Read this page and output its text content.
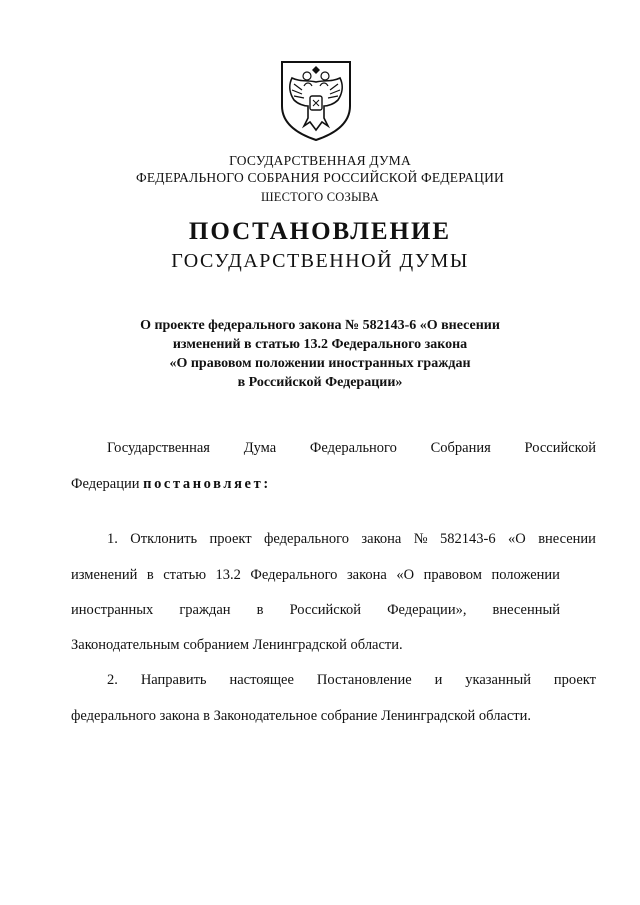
ГОСУДАРСТВЕННАЯ ДУМА
ФЕДЕРАЛЬНОГО СОБРАНИЯ РОССИЙСКОЙ ФЕДЕРАЦИИ
ШЕСТОГО СОЗЫВА
ПОСТАНОВЛЕНИЕ
ГОСУДАРСТВЕННОЙ ДУМЫ
О проекте федерального закона № 582143-6 «О внесении
изменений в статью 13.2 Федерального закона
«О правовом положении иностранных граждан
в Российской Федерации»
Государственная Дума Федерального Собрания Российской
Федерации постановляет:
1. Отклонить проект федерального закона № 582143-6 «О внесении
изменений в статью 13.2 Федерального закона «О правовом положении
иностранных граждан в Российской Федерации», внесенный
Законодательным собранием Ленинградской области.
2. Направить настоящее Постановление и указанный проект
федерального закона в Законодательное собрание Ленинградской области.
